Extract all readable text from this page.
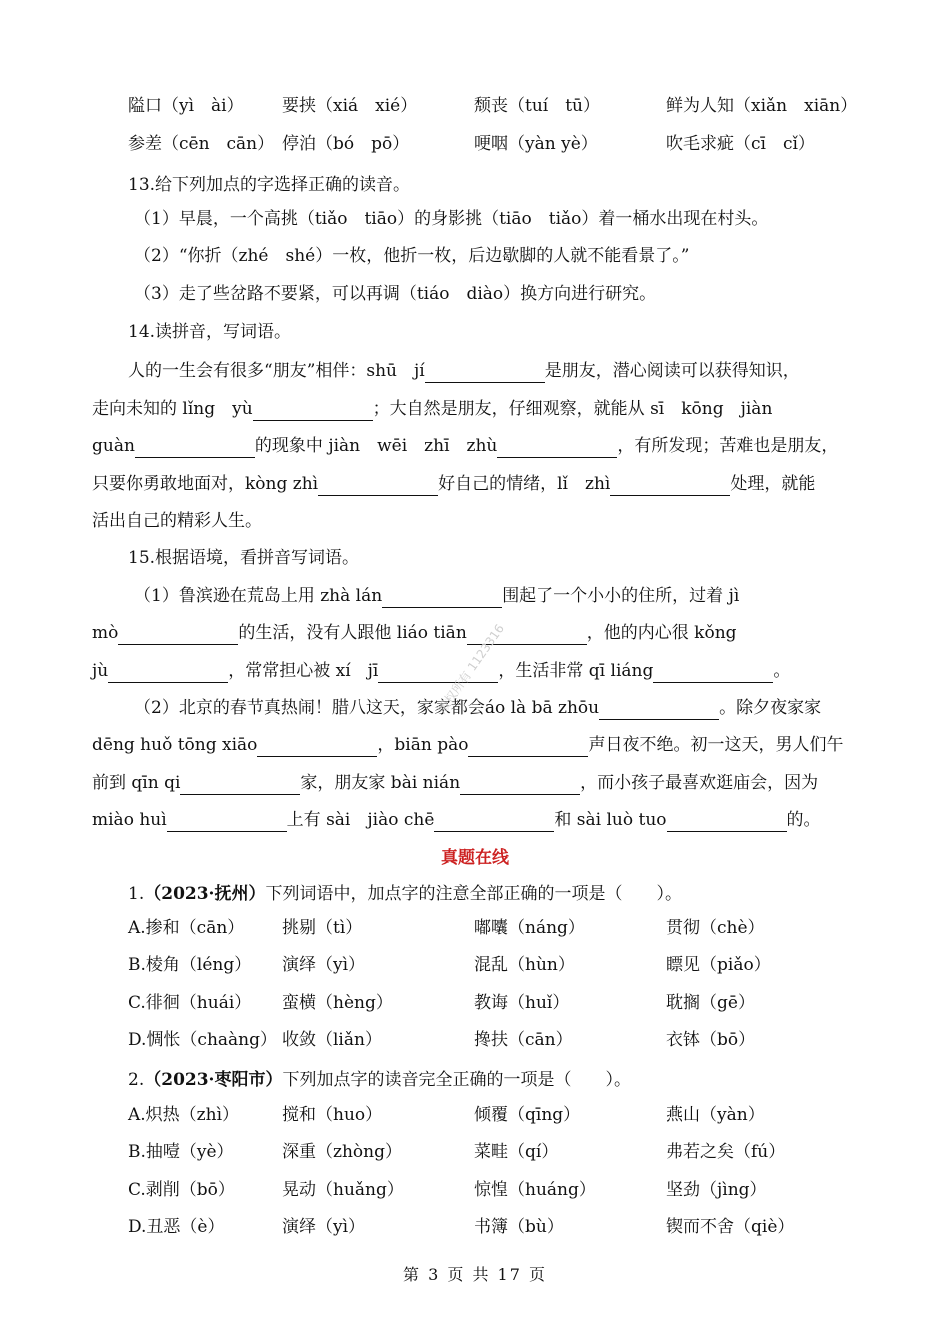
隘口（yì　ài） 要挟（xiá　xié）	颓丧（tuí　tū）	鲜为人知（xiǎn　xiān）
参差（cēn　cān） 停泊（bó　pō）	哽咽（yàn yè）	吹毛求疵（cī　cǐ）
13.给下列加点的字选择正确的读音。
（1）早晨，一个高挑（tiǎo　tiāo）的身影挑（tiāo　tiǎo）着一桶水出现在村头。
（2）“你折（zhé　shé）一枚，他折一枚，后边歇脚的人就不能看景了。”
（3）走了些岔路不要紧，可以再调（tiáo　diào）换方向进行研究。
14.读拼音，写词语。
人的一生会有很多“朋友”相伴：shū　jí	是朋友，潜心阅读可以获得知识，
走向未知的 lǐng　yù	；大自然是朋友，仔细观察，就能从 sī　kōng　jiàn
guàn	的现象中 jiàn　wēi　zhī　zhù	，有所发现；苦难也是朋友，
只要你勇敢地面对，kòng zhì	好自己的情绪，lǐ　zhì	处理，就能
活出自己的精彩人生。
15.根据语境，看拼音写词语。
（1）鲁滨逊在荒岛上用 zhà lán	围起了一个小小的住所，过着 jì
mò	的生活，没有人跟他 liáo tiān	，他的内心很 kǒng
jù	，常常担心被 xí　jī	，生活非常 qī liáng	。
（2）北京的春节真热闹！腊八这天，家家都会áo là bā zhōu	。除夕夜家家
dēng huǒ tōng xiāo	，biān pào	声日夜不绝。初一这天，男人们午
前到 qīn qi	家，朋友家 bài nián	，而小孩子最喜欢逛庙会，因为
miào huì	上有 sài　jiào chē	和 sài luò tuo	的。
真题在线
1.（2023·抚州）下列词语中，加点字的注意全部正确的一项是（　　）。
A.掺和（cān） 挑剔（tì）	嘟囔（náng）	贯彻（chè）
B.棱角（léng） 演绎（yì）	混乱（hùn）	瞟见（piǎo）
C.徘徊（huái） 蛮横（hèng）	教诲（huǐ）	耽搁（gē）
D.惆怅（chaàng） 收敛（liǎn）	搀扶（cān）	衣钵（bō）
2.（2023·枣阳市）下列加点字的读音完全正确的一项是（　　）。
A.炽热（zhì）	搅和（huo）	倾覆（qīng）	燕山（yàn）
B.抽噎（yè）	深重（zhòng）	菜畦（qí）	弗若之矣（fú）
C.剥削（bō）	晃动（huǎng）	惊惶（huáng）	坚劲（jìng）
D.丑恶（è）	演绎（yì）	书簿（bù）	锲而不舍（qiè）
版权所有 1123316
第 3 页 共 17 页
